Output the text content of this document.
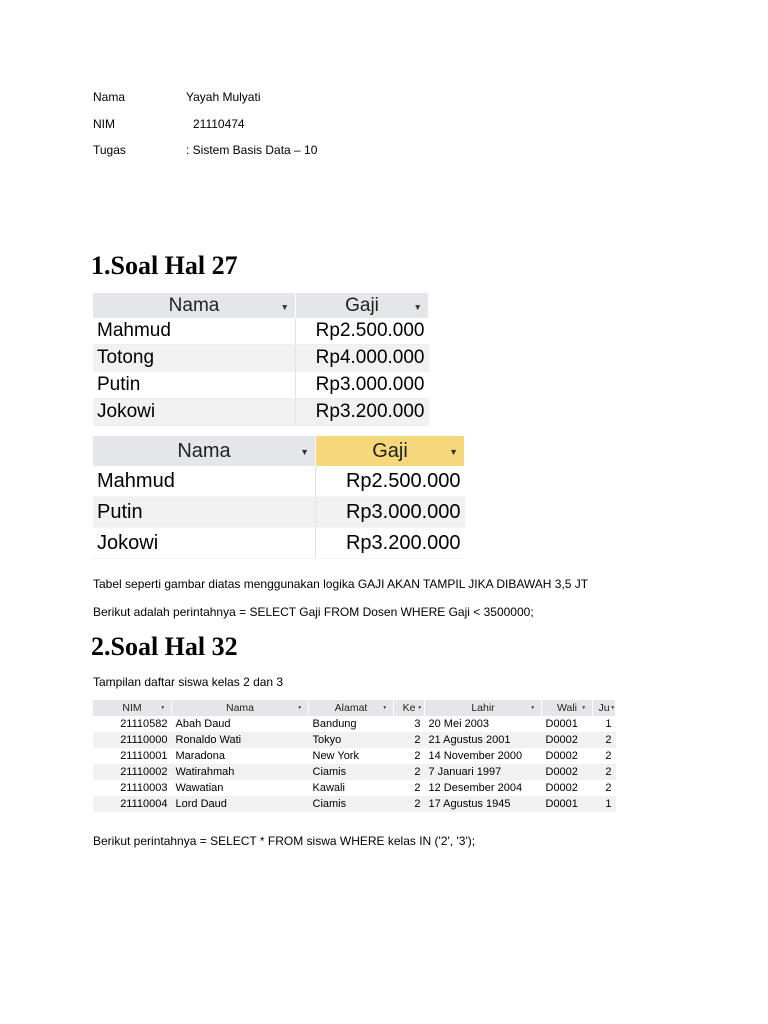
Nama	Yayah Mulyati
NIM	21110474
Tugas	: Sistem Basis Data – 10
1.Soal Hal 27
Nama ▼	Gaji ▼

Mahmud	Rp2.500.000
Totong	Rp4.000.000
Putin	Rp3.000.000
Jokowi	Rp3.200.000
Nama ▼	Gaji ▼

Mahmud	Rp2.500.000
Putin	Rp3.000.000
Jokowi	Rp3.200.000
Tabel seperti gambar diatas menggunakan logika GAJI AKAN TAMPIL JIKA DIBAWAH 3,5 JT
Berikut adalah perintahnya = SELECT Gaji FROM Dosen WHERE Gaji < 3500000;
2.Soal Hal 32
Tampilan daftar siswa kelas 2 dan 3
NIM ▼	Nama ▼	Alamat ▼	Ke ▼	Lahir ▼	Wali ▼	Ju ▼

21110582	Abah Daud	Bandung	3	20 Mei 2003	D0001	1
21110000	Ronaldo Wati	Tokyo	2	21 Agustus 2001	D0002	2
21110001	Maradona	New York	2	14 November 2000	D0002	2
21110002	Watirahmah	Ciamis	2	7 Januari 1997	D0002	2
21110003	Wawatian	Kawali	2	12 Desember 2004	D0002	2
21110004	Lord Daud	Ciamis	2	17 Agustus 1945	D0001	1
Berikut perintahnya = SELECT * FROM siswa WHERE kelas IN ('2', '3');
